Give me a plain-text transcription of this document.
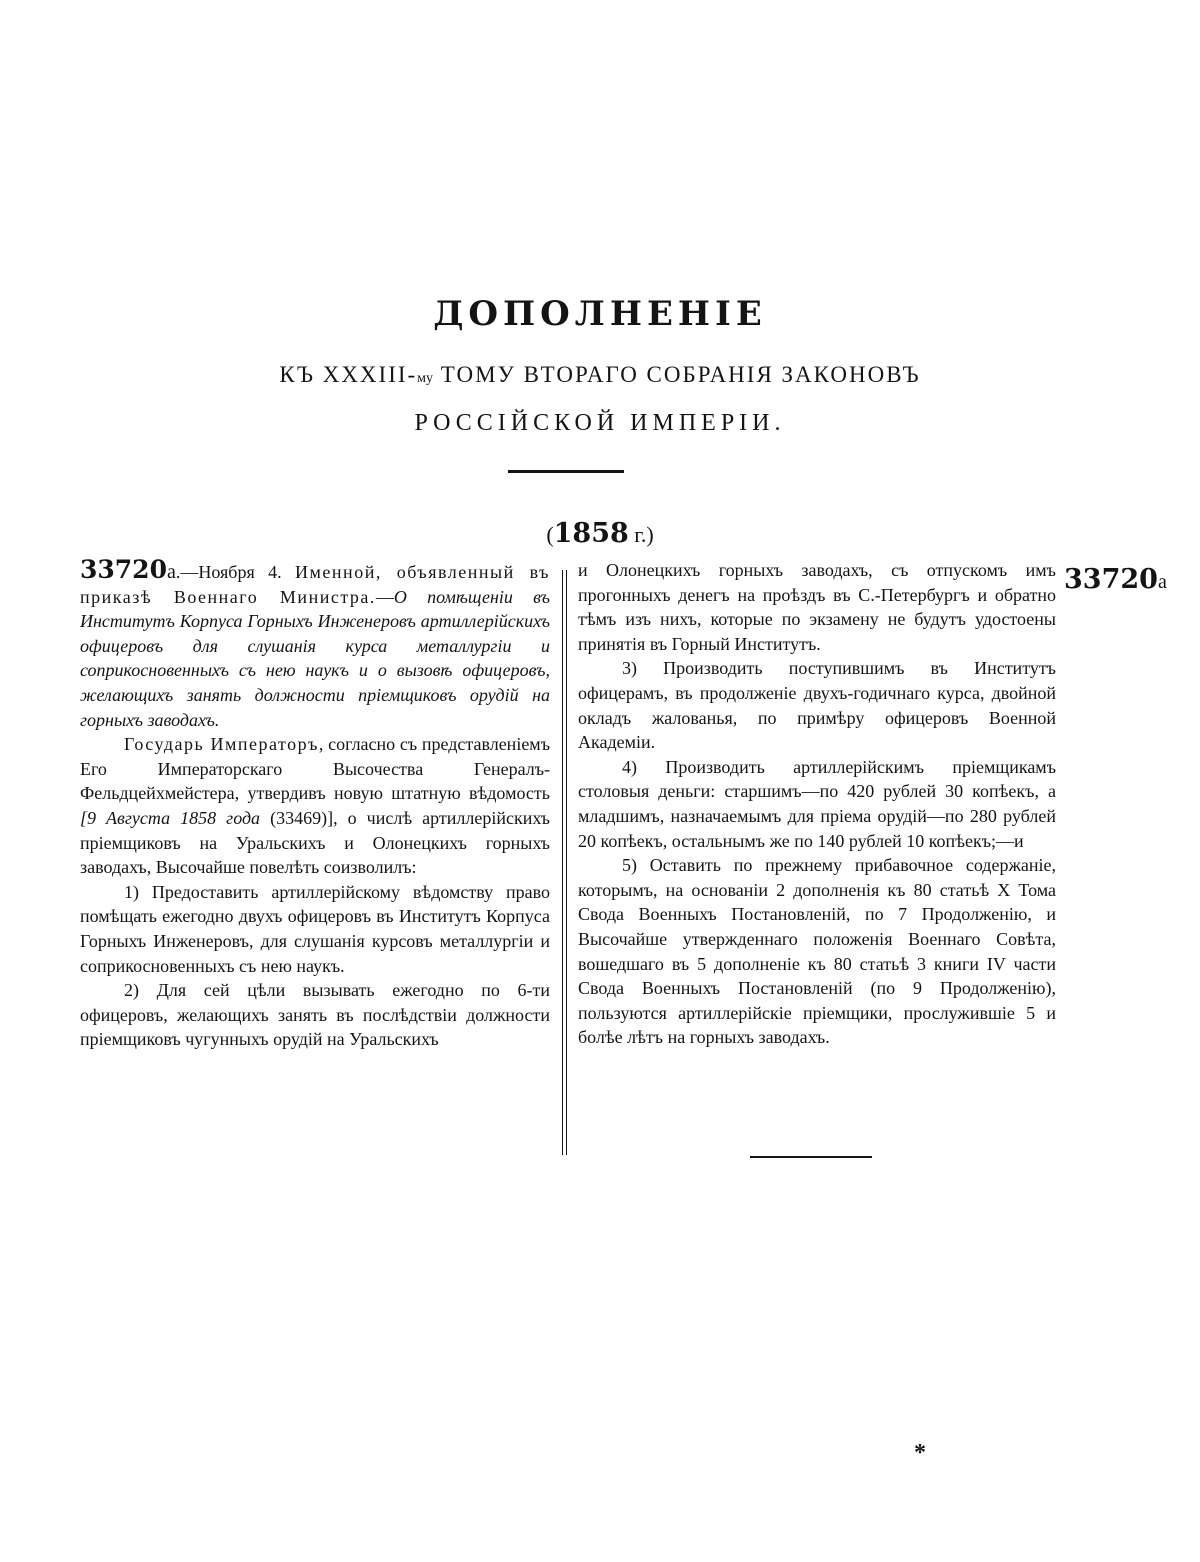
ДОПОЛНЕНІЕ
КЪ XXXIII-му ТОМУ ВТОРАГО СОБРАНІЯ ЗАКОНОВЪ
РОССІЙСКОЙ ИМПЕРІИ.
(1858 г.)

33720а.—Ноября 4. Именной, объявленный въ приказѣ Военнаго Министра.—О помѣщеніи въ Институтъ Корпуса Горныхъ Инженеровъ артиллерійскихъ офицеровъ для слушанія курса металлургіи и соприкосновенныхъ съ нею наукъ и о вызовѣ офицеровъ, желающихъ занять должности пріемщиковъ орудій на горныхъ заводахъ.

Государь Императоръ, согласно съ представленіемъ Его Императорскаго Высочества Генералъ-Фельдцейхмейстера, утвердивъ новую штатную вѣдомость [9 Августа 1858 года (33469)], о числѣ артиллерійскихъ пріемщиковъ на Уральскихъ и Олонецкихъ горныхъ заводахъ, Высочайше повелѣть соизволилъ:

1) Предоставить артиллерійскому вѣдомству право помѣщать ежегодно двухъ офицеровъ въ Институтъ Корпуса Горныхъ Инженеровъ, для слушанія курсовъ металлургіи и соприкосновенныхъ съ нею наукъ.

2) Для сей цѣли вызывать ежегодно по 6-ти офицеровъ, желающихъ занять въ послѣдствіи должности пріемщиковъ чугунныхъ орудій на Уральскихъ

и Олонецкихъ горныхъ заводахъ, съ отпускомъ имъ прогонныхъ денегъ на проѣздъ въ С.-Петербургъ и обратно тѣмъ изъ нихъ, которые по экзамену не будутъ удостоены принятія въ Горный Институтъ.

3) Производить поступившимъ въ Институтъ офицерамъ, въ продолженіе двухъ-годичнаго курса, двойной окладъ жалованья, по примѣру офицеровъ Военной Академіи.

4) Производить артиллерійскимъ пріемщикамъ столовыя деньги: старшимъ—по 420 рублей 30 копѣекъ, а младшимъ, назначаемымъ для пріема орудій—по 280 рублей 20 копѣекъ, остальнымъ же по 140 рублей 10 копѣекъ;—и

5) Оставить по прежнему прибавочное содержаніе, которымъ, на основаніи 2 дополненія къ 80 статьѣ X Тома Свода Военныхъ Постановленій, по 7 Продолженію, и Высочайше утвержденнаго положенія Военнаго Совѣта, вошедшаго въ 5 дополненіе къ 80 статьѣ 3 книги IV части Свода Военныхъ Постановленій (по 9 Продолженію), пользуются артиллерійскіе пріемщики, прослужившіе 5 и болѣе лѣтъ на горныхъ заводахъ.

33720а
*
